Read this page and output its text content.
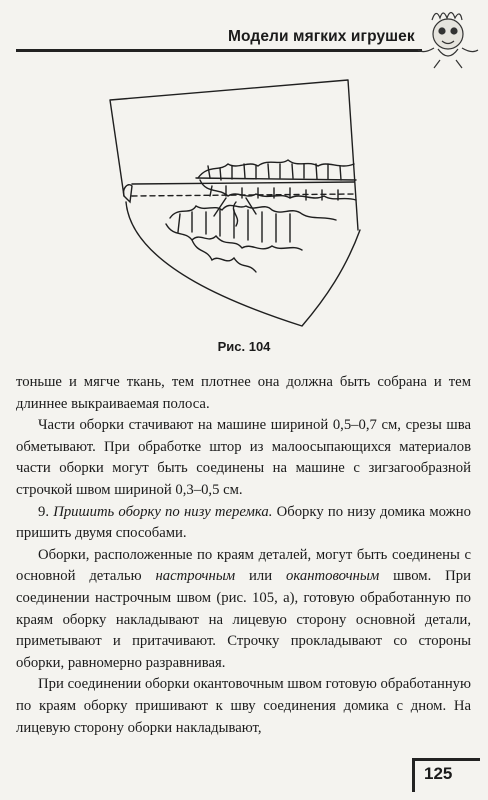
Модели мягких игрушек
Рис. 104

тоньше и мягче ткань, тем плотнее она должна быть собрана и тем длиннее выкраиваемая полоса.

Части оборки стачивают на машине шириной 0,5–0,7 см, срезы шва обметывают. При обработке штор из малоосыпающихся материалов части оборки могут быть соединены на машине с зигзагообразной строчкой швом шириной 0,3–0,5 см.

9. Пришить оборку по низу теремка. Оборку по низу домика можно пришить двумя способами.

Оборки, расположенные по краям деталей, могут быть соединены с основной деталью настрочным или окантовочным швом. При соединении настрочным швом (рис. 105, а), готовую обработанную по краям оборку накладывают на лицевую сторону основной детали, приметывают и притачивают. Строчку прокладывают со стороны оборки, равномерно разравнивая.

При соединении оборки окантовочным швом готовую обработанную по краям оборку пришивают к шву соединения домика с дном. На лицевую сторону оборки накладывают,

125
